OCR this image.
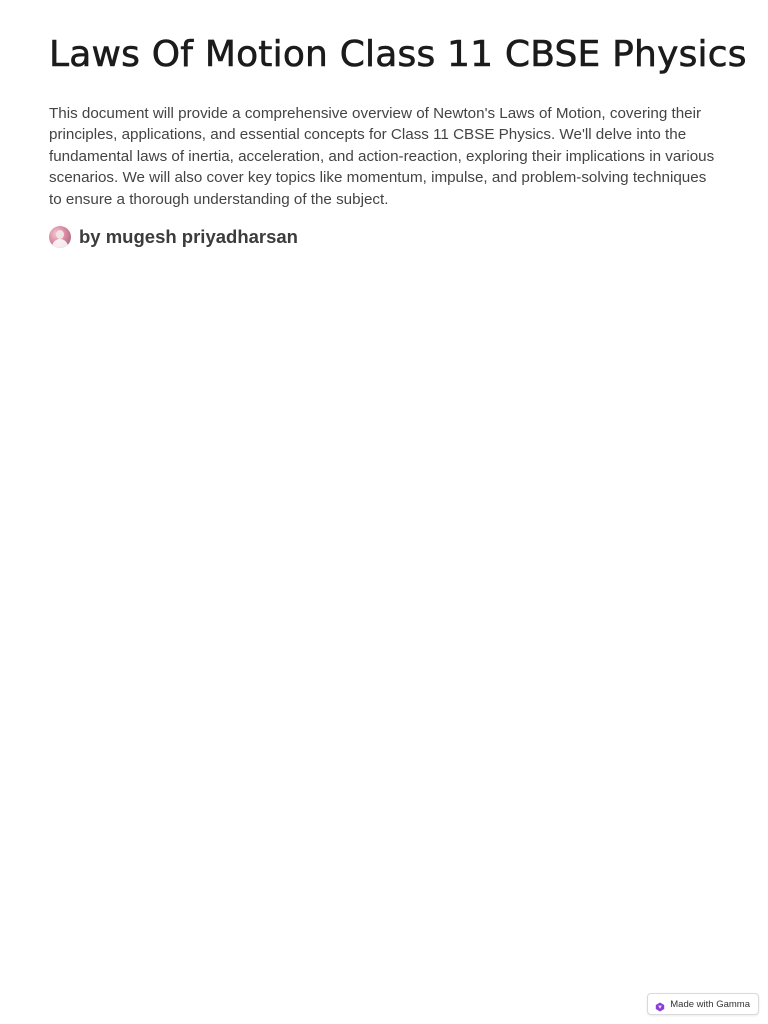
Laws Of Motion Class 11 CBSE Physics

This document will provide a comprehensive overview of Newton's Laws of Motion, covering their principles, applications, and essential concepts for Class 11 CBSE Physics. We'll delve into the fundamental laws of inertia, acceleration, and action-reaction, exploring their implications in various scenarios. We will also cover key topics like momentum, impulse, and problem-solving techniques to ensure a thorough understanding of the subject.

by mugesh priyadharsan
Made with Gamma
